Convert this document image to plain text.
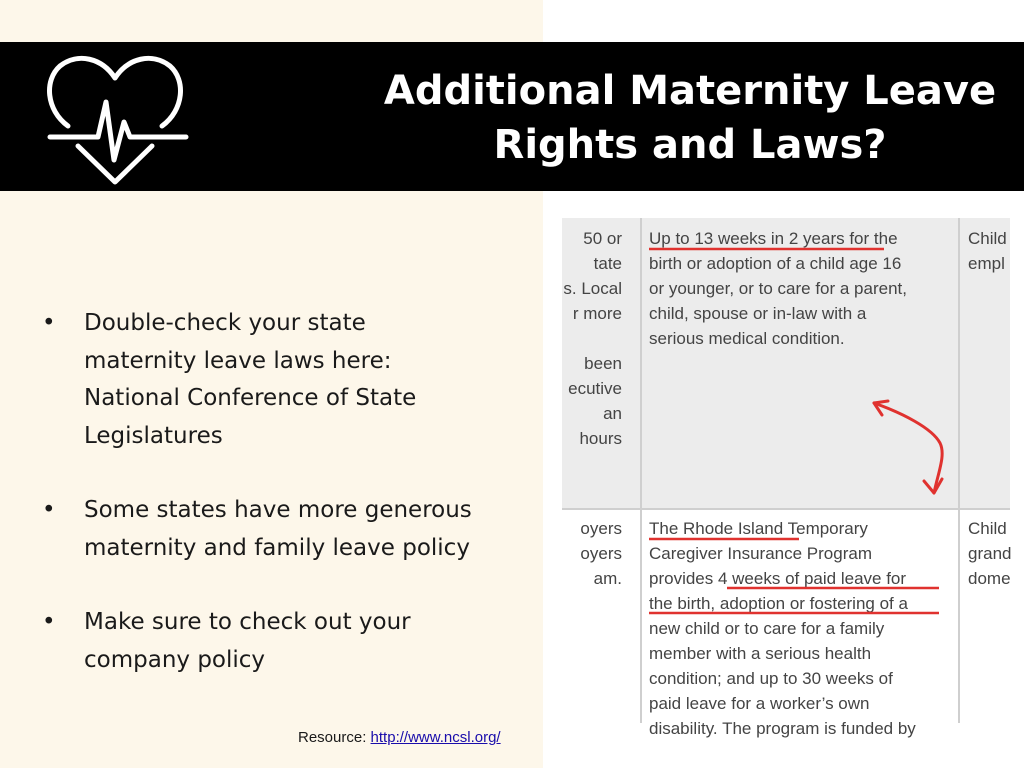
Additional Maternity Leave
Rights and Laws?
• Double-check your state
maternity leave laws here:
National Conference of State
Legislatures
• Some states have more generous
maternity and family leave policy
• Make sure to check out your
company policy
Resource: http://www.ncsl.org/
50 or
tate
s. Local
r more

been
ecutive
an
hours
Up to 13 weeks in 2 years for the
birth or adoption of a child age 16
or younger, or to care for a parent,
child, spouse or in-law with a
serious medical condition.
Child
empl
oyers
oyers
am.
The Rhode Island Temporary
Caregiver Insurance Program
provides 4 weeks of paid leave for
the birth, adoption or fostering of a
new child or to care for a family
member with a serious health
condition; and up to 30 weeks of
paid leave for a worker’s own
disability. The program is funded by
Child
grand
dome
